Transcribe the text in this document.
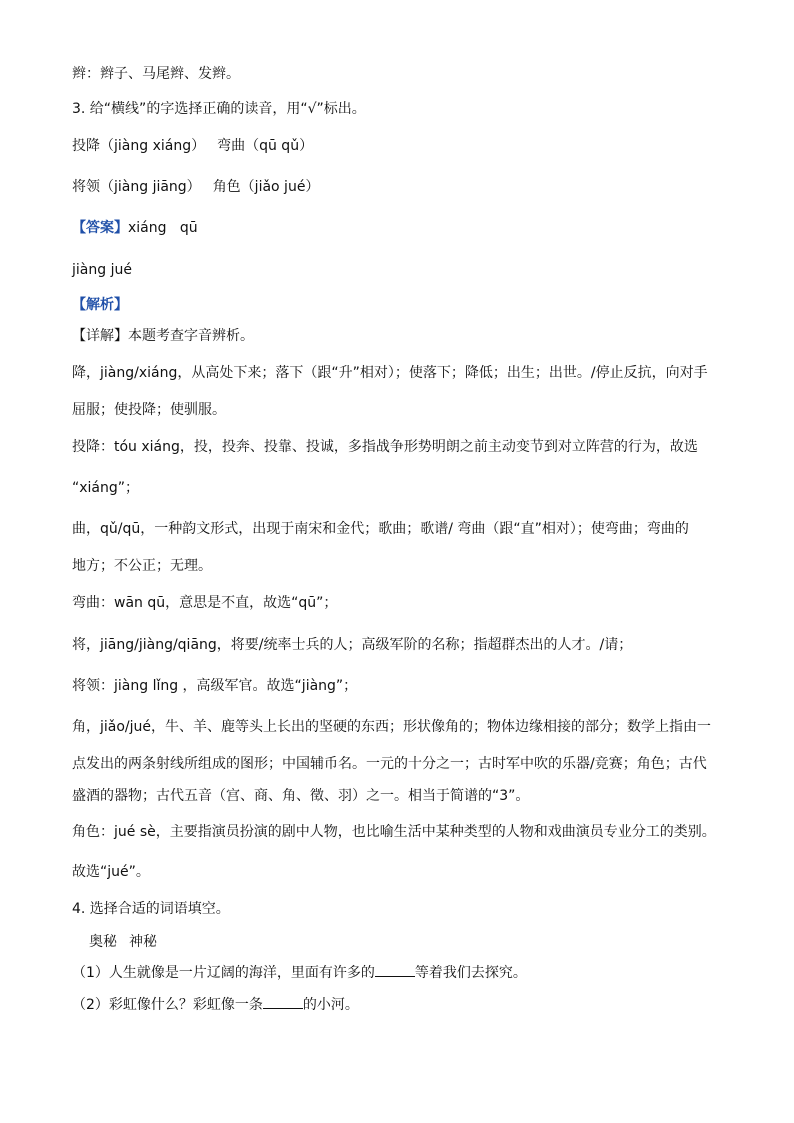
辫：辫子、马尾辫、发辫。
3. 给“横线”的字选择正确的读音，用“√”标出。
投降（jiàng xiáng） 弯曲（qū qǔ）
将领（jiàng jiāng） 角色（jiǎo jué）
【答案】xiáng   qū
jiàng jué
【解析】
【详解】本题考查字音辨析。
降，jiàng/xiáng，从高处下来；落下（跟“升”相对）；使落下；降低；出生；出世。/停止反抗，向对手
屈服；使投降；使驯服。
投降：tóu xiáng，投，投奔、投靠、投诚，多指战争形势明朗之前主动变节到对立阵营的行为，故选
“xiáng”；
曲，qǔ/qū，一种韵文形式，出现于南宋和金代；歌曲；歌谱/ 弯曲（跟“直”相对）；使弯曲；弯曲的
地方；不公正；无理。
弯曲：wān qū，意思是不直，故选“qū”；
将，jiāng/jiàng/qiāng，将要/统率士兵的人；高级军阶的名称；指超群杰出的人才。/请；
将领：jiàng lǐng ，高级军官。故选“jiàng”；
角，jiǎo/jué，牛、羊、鹿等头上长出的坚硬的东西；形状像角的；物体边缘相接的部分；数学上指由一
点发出的两条射线所组成的图形；中国辅币名。一元的十分之一；古时军中吹的乐器/竞赛；角色；古代
盛酒的器物；古代五音（宫、商、角、徵、羽）之一。相当于简谱的“3”。
角色：jué sè，主要指演员扮演的剧中人物，也比喻生活中某种类型的人物和戏曲演员专业分工的类别。
故选“jué”。
4. 选择合适的词语填空。
奥秘 神秘
（1）人生就像是一片辽阔的海洋，里面有许多的	等着我们去探究。
（2）彩虹像什么？彩虹像一条	的小河。
